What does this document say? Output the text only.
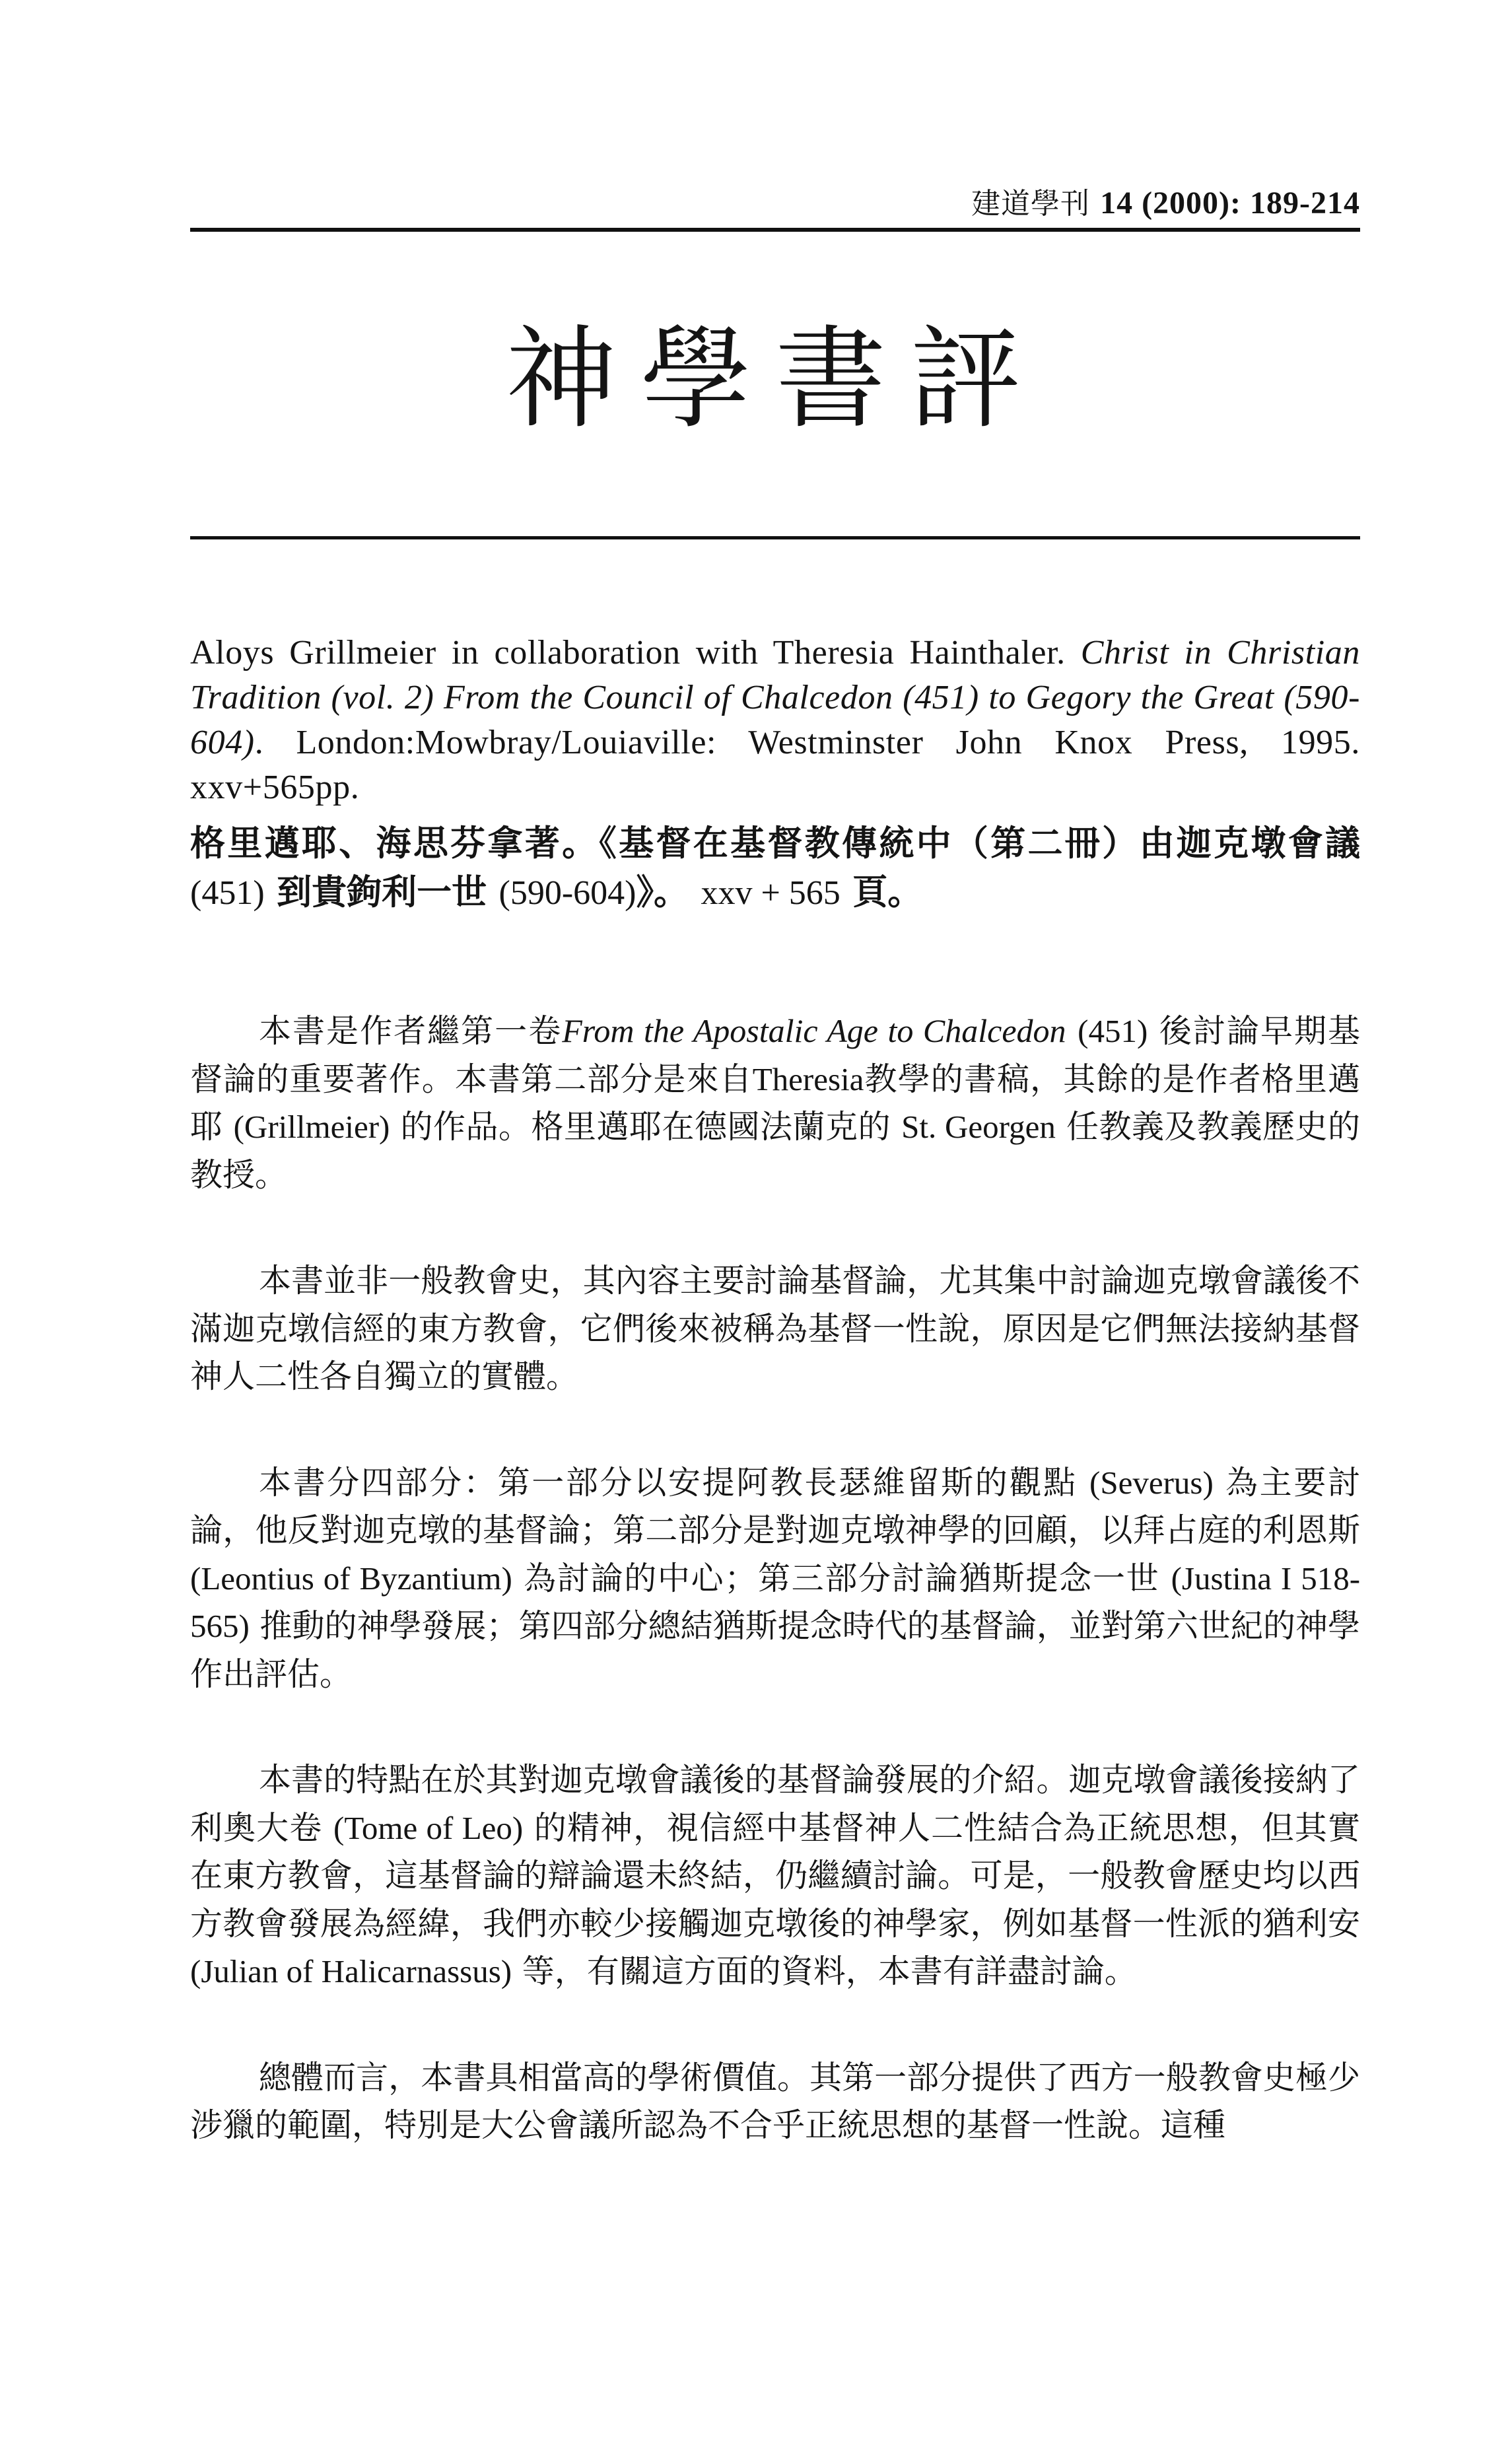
建道學刊 14 (2000): 189-214
神學書評
Aloys Grillmeier in collaboration with Theresia Hainthaler. Christ in Christian Tradition (vol. 2) From the Council of Chalcedon (451) to Gegory the Great (590-604). London:Mowbray/Louiaville: Westminster John Knox Press, 1995. xxv+565pp.
格里邁耶、海思芬拿著。《基督在基督教傳統中（第二冊）由迦克墩會議 (451) 到貴鉤利一世 (590-604)》。 xxv + 565 頁。

本書是作者繼第一卷From the Apostalic Age to Chalcedon (451) 後討論早期基督論的重要著作。本書第二部分是來自Theresia教學的書稿，其餘的是作者格里邁耶 (Grillmeier) 的作品。格里邁耶在德國法蘭克的 St. Georgen 任教義及教義歷史的教授。

本書並非一般教會史，其內容主要討論基督論，尤其集中討論迦克墩會議後不滿迦克墩信經的東方教會，它們後來被稱為基督一性說，原因是它們無法接納基督神人二性各自獨立的實體。

本書分四部分：第一部分以安提阿教長瑟維留斯的觀點 (Severus) 為主要討論，他反對迦克墩的基督論；第二部分是對迦克墩神學的回顧，以拜占庭的利恩斯 (Leontius of Byzantium) 為討論的中心；第三部分討論猶斯提念一世 (Justina I 518-565) 推動的神學發展；第四部分總結猶斯提念時代的基督論，並對第六世紀的神學作出評估。

本書的特點在於其對迦克墩會議後的基督論發展的介紹。迦克墩會議後接納了利奧大卷 (Tome of Leo) 的精神，視信經中基督神人二性結合為正統思想，但其實在東方教會，這基督論的辯論還未終結，仍繼續討論。可是，一般教會歷史均以西方教會發展為經緯，我們亦較少接觸迦克墩後的神學家，例如基督一性派的猶利安 (Julian of Halicarnassus) 等，有關這方面的資料，本書有詳盡討論。

總體而言，本書具相當高的學術價值。其第一部分提供了西方一般教會史極少涉獵的範圍，特別是大公會議所認為不合乎正統思想的基督一性說。這種
